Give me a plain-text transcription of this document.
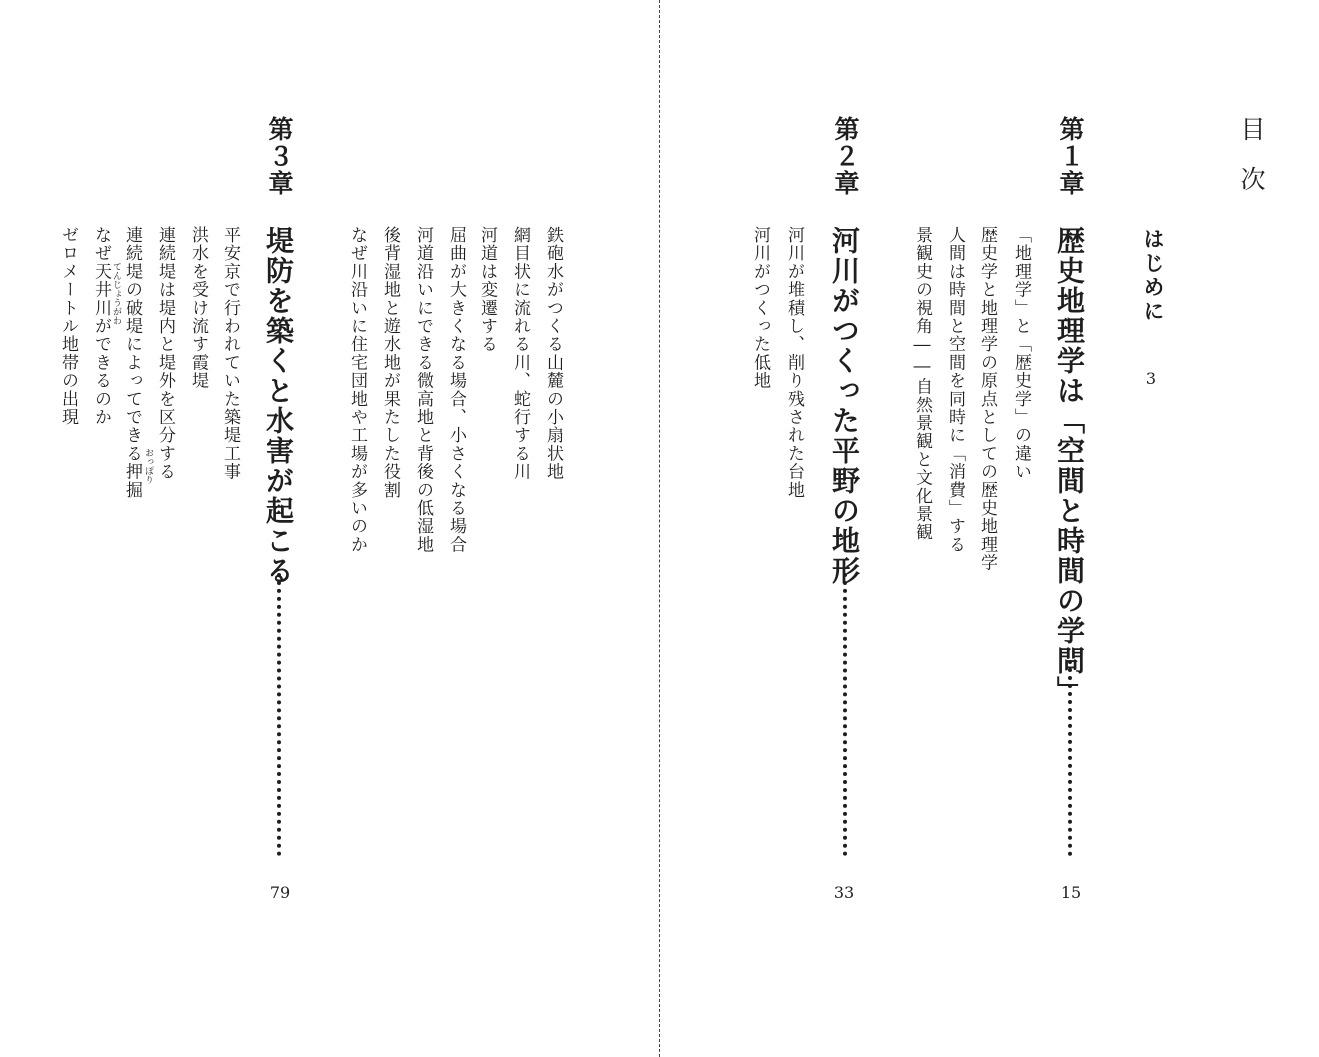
目　次
はじめに

3

第１章
歴史地理学は「空間と時間の学問」

15

「地理学」と「歴史学」の違い
歴史学と地理学の原点としての歴史地理学
人間は時間と空間を同時に「消費」する
景観史の視角――自然景観と文化景観
第２章
河川がつくった平野の地形

33

河川が堆積し、削り残された台地
河川がつくった低地
鉄砲水がつくる山麓の小扇状地
網目状に流れる川、蛇行する川
河道は変遷する
屈曲が大きくなる場合、小さくなる場合
河道沿いにできる微高地と背後の低湿地
後背湿地と遊水地が果たした役割
なぜ川沿いに住宅団地や工場が多いのか
第３章
堤防を築くと水害が起こる

79

平安京で行われていた築堤工事
洪水を受け流す霞堤
連続堤は堤内と堤外を区分する
連続堤の破堤によってできる押掘
なぜ天井川ができるのか
ゼロメートル地帯の出現
おっぽり
てんじょうがわ
